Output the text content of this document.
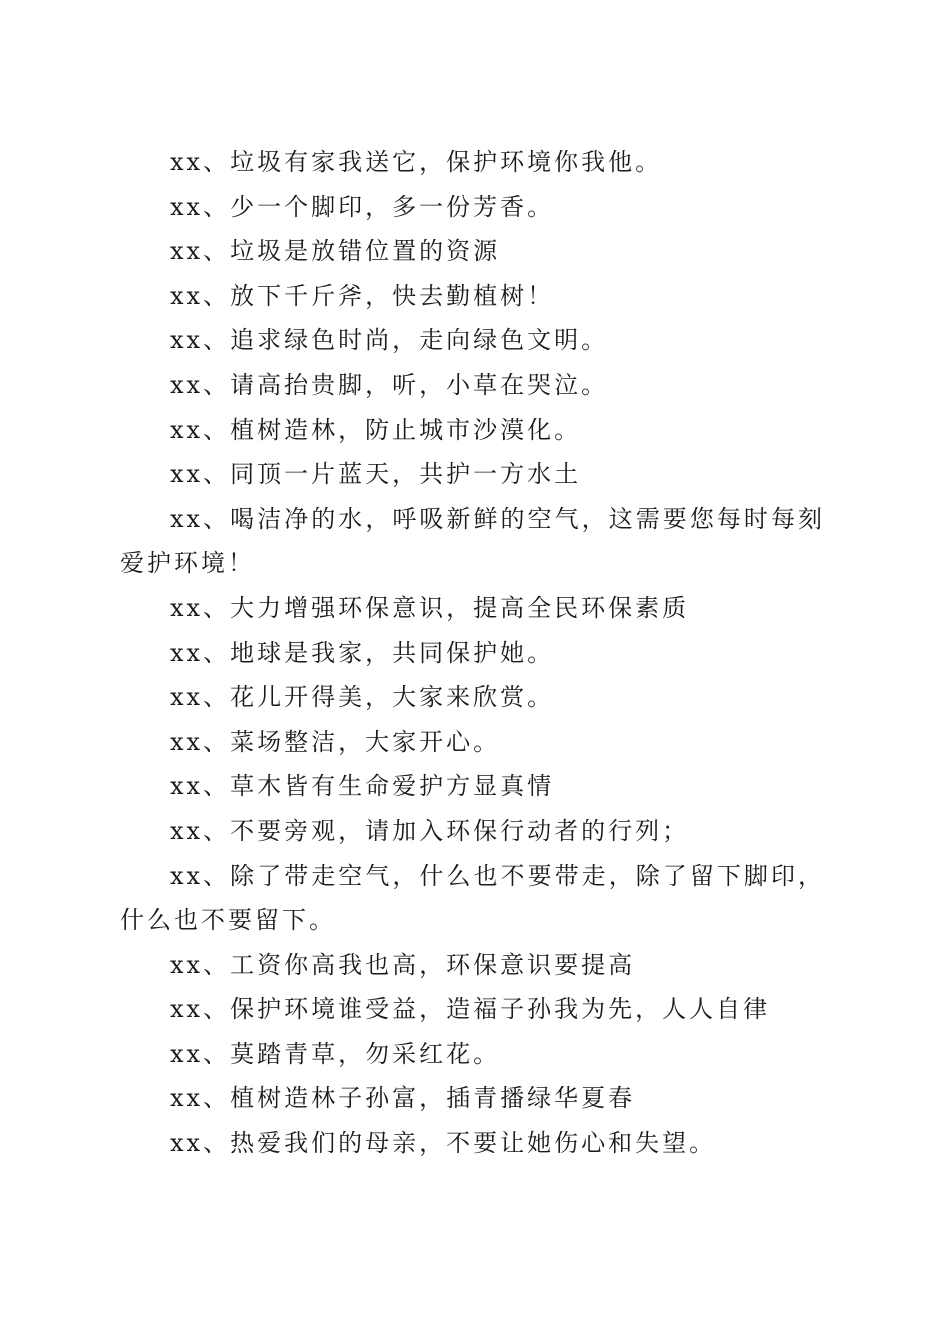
xx、垃圾有家我送它，保护环境你我他。

xx、少一个脚印，多一份芳香。

xx、垃圾是放错位置的资源

xx、放下千斤斧，快去勤植树！

xx、追求绿色时尚，走向绿色文明。

xx、请高抬贵脚，听，小草在哭泣。

xx、植树造林，防止城市沙漠化。

xx、同顶一片蓝天，共护一方水土

xx、喝洁净的水，呼吸新鲜的空气，这需要您每时每刻爱护环境！

xx、大力增强环保意识，提高全民环保素质

xx、地球是我家，共同保护她。

xx、花儿开得美，大家来欣赏。

xx、菜场整洁，大家开心。

xx、草木皆有生命爱护方显真情

xx、不要旁观，请加入环保行动者的行列；

xx、除了带走空气，什么也不要带走，除了留下脚印，什么也不要留下。

xx、工资你高我也高，环保意识要提高

xx、保护环境谁受益，造福子孙我为先，人人自律

xx、莫踏青草，勿采红花。

xx、植树造林子孙富，插青播绿华夏春

xx、热爱我们的母亲，不要让她伤心和失望。
